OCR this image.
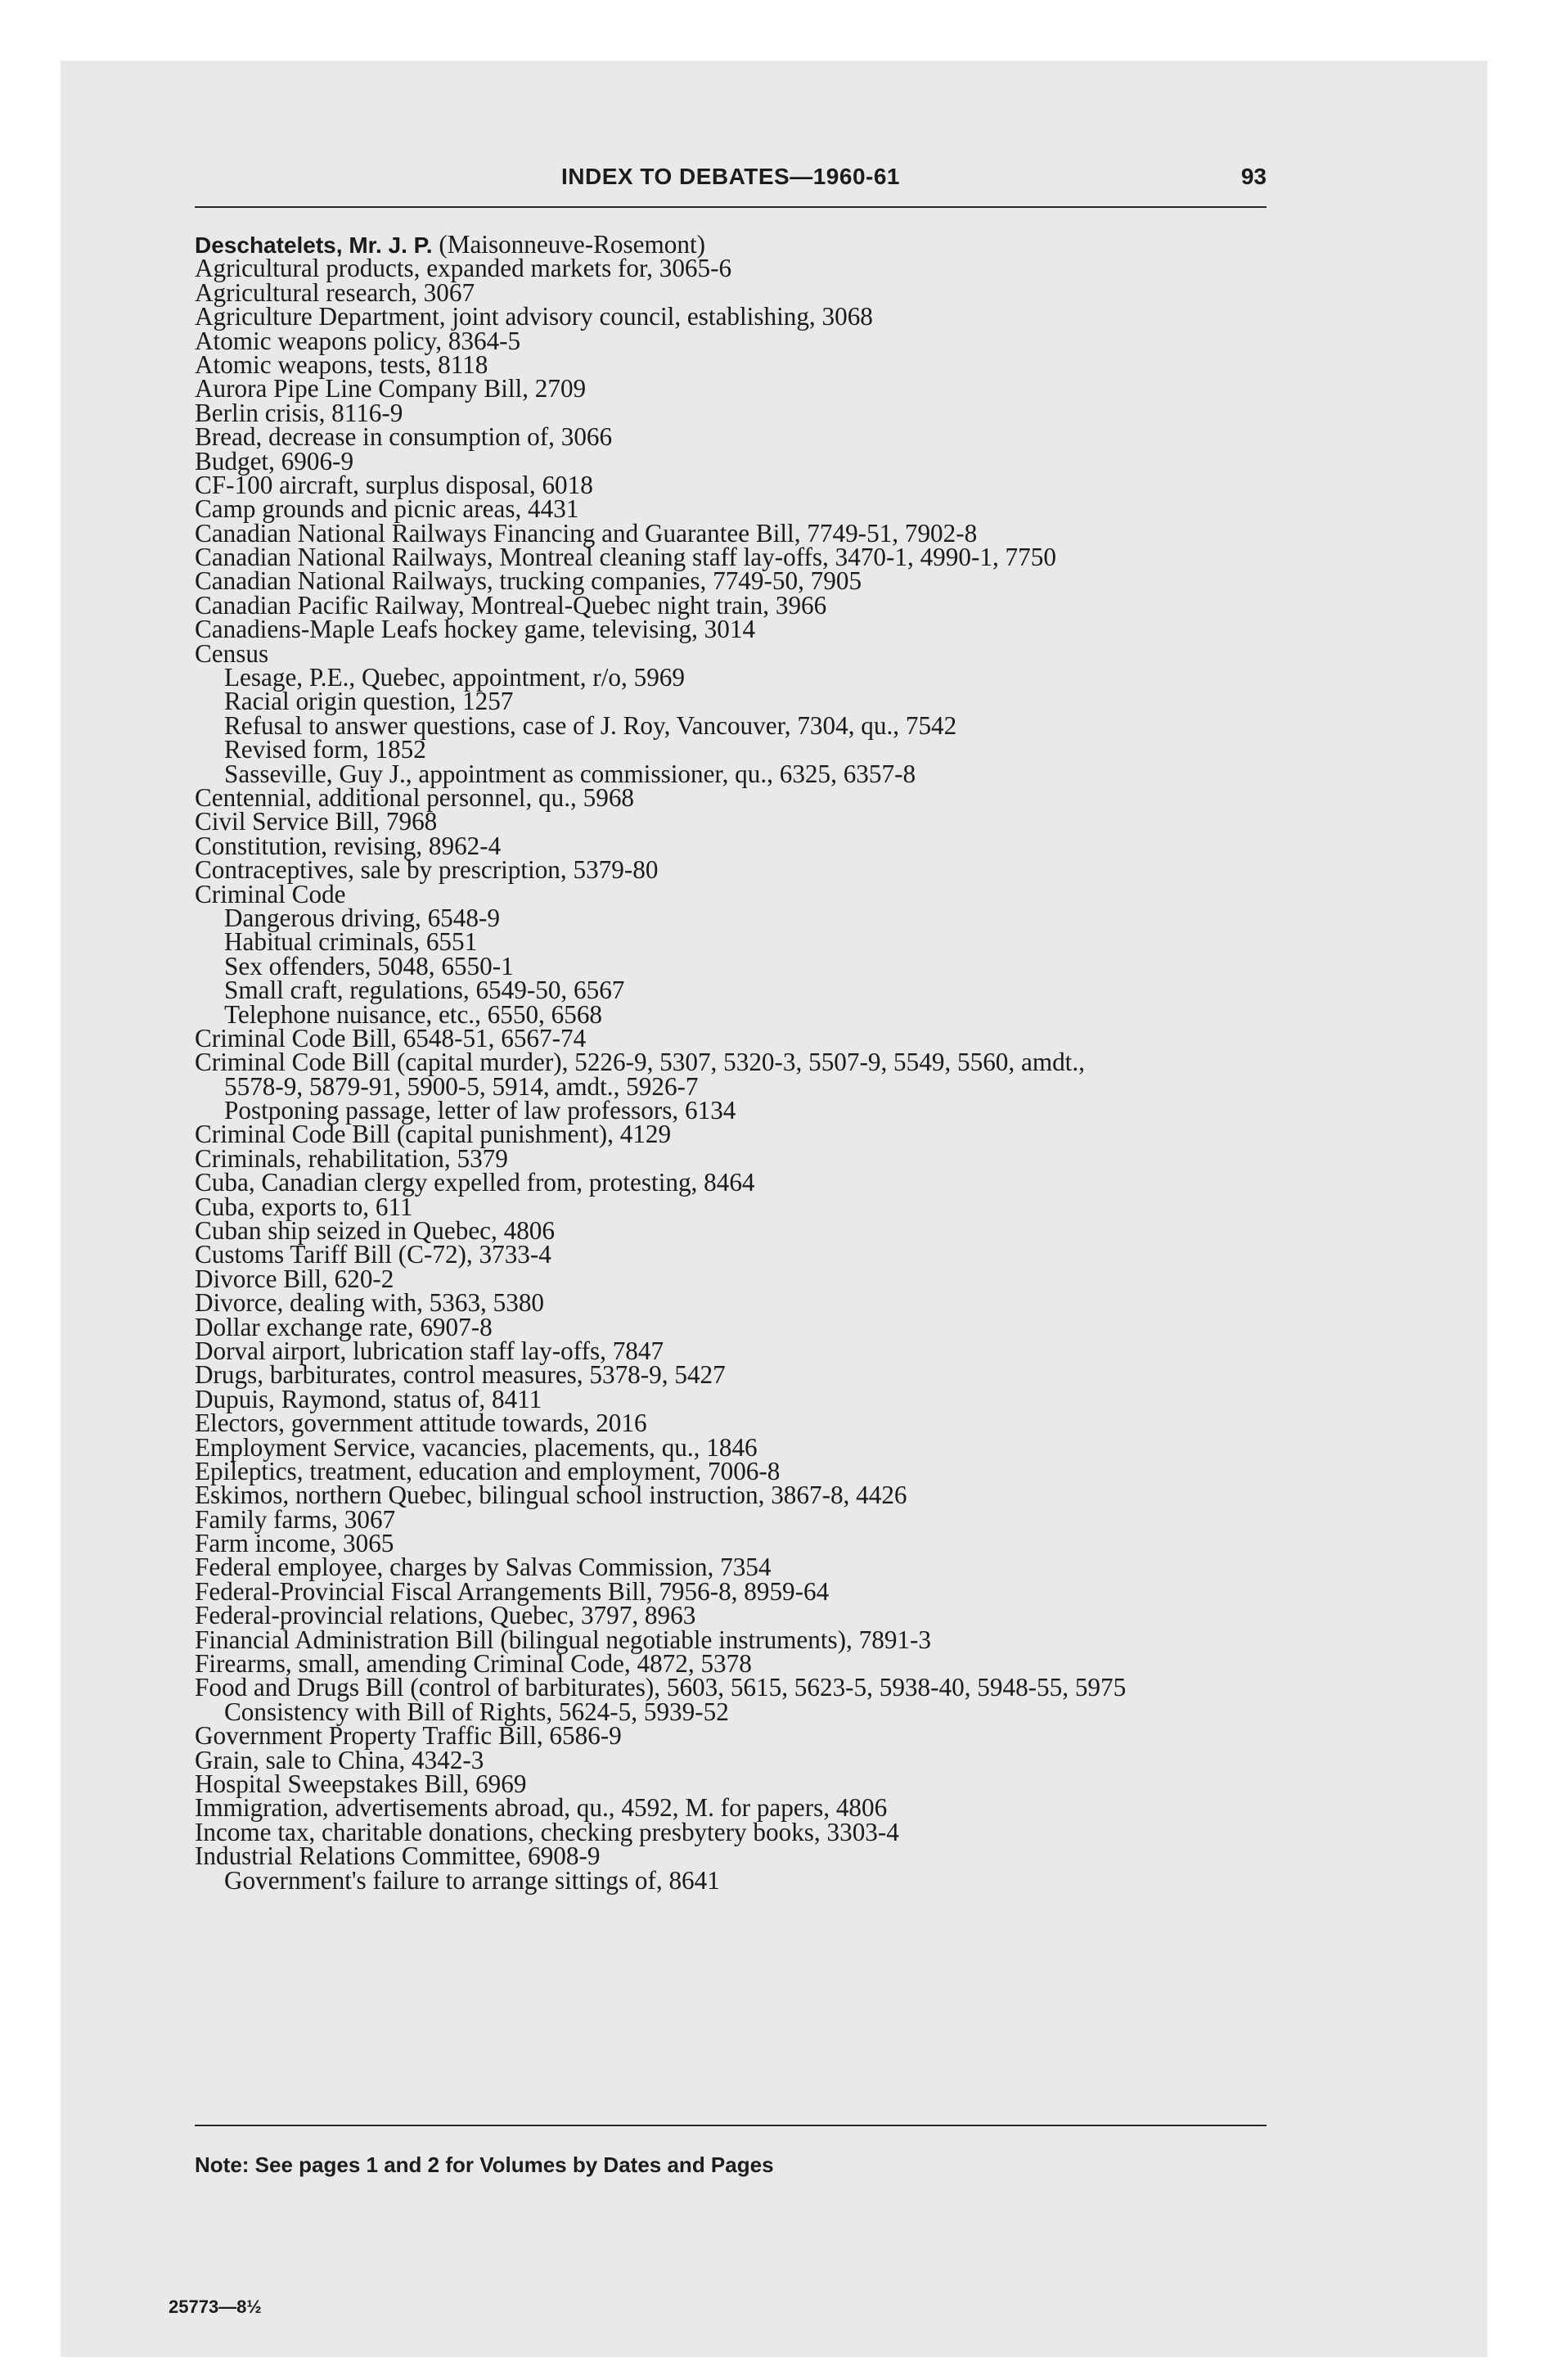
INDEX TO DEBATES—1960-61	93
Deschatelets, Mr. J. P. (Maisonneuve-Rosemont)
Agricultural products, expanded markets for, 3065-6
Agricultural research, 3067
Agriculture Department, joint advisory council, establishing, 3068
Atomic weapons policy, 8364-5
Atomic weapons, tests, 8118
Aurora Pipe Line Company Bill, 2709
Berlin crisis, 8116-9
Bread, decrease in consumption of, 3066
Budget, 6906-9
CF-100 aircraft, surplus disposal, 6018
Camp grounds and picnic areas, 4431
Canadian National Railways Financing and Guarantee Bill, 7749-51, 7902-8
Canadian National Railways, Montreal cleaning staff lay-offs, 3470-1, 4990-1, 7750
Canadian National Railways, trucking companies, 7749-50, 7905
Canadian Pacific Railway, Montreal-Quebec night train, 3966
Canadiens-Maple Leafs hockey game, televising, 3014
Census
Lesage, P.E., Quebec, appointment, r/o, 5969
Racial origin question, 1257
Refusal to answer questions, case of J. Roy, Vancouver, 7304, qu., 7542
Revised form, 1852
Sasseville, Guy J., appointment as commissioner, qu., 6325, 6357-8
Centennial, additional personnel, qu., 5968
Civil Service Bill, 7968
Constitution, revising, 8962-4
Contraceptives, sale by prescription, 5379-80
Criminal Code
Dangerous driving, 6548-9
Habitual criminals, 6551
Sex offenders, 5048, 6550-1
Small craft, regulations, 6549-50, 6567
Telephone nuisance, etc., 6550, 6568
Criminal Code Bill, 6548-51, 6567-74
Criminal Code Bill (capital murder), 5226-9, 5307, 5320-3, 5507-9, 5549, 5560, amdt.,
5578-9, 5879-91, 5900-5, 5914, amdt., 5926-7
Postponing passage, letter of law professors, 6134
Criminal Code Bill (capital punishment), 4129
Criminals, rehabilitation, 5379
Cuba, Canadian clergy expelled from, protesting, 8464
Cuba, exports to, 611
Cuban ship seized in Quebec, 4806
Customs Tariff Bill (C-72), 3733-4
Divorce Bill, 620-2
Divorce, dealing with, 5363, 5380
Dollar exchange rate, 6907-8
Dorval airport, lubrication staff lay-offs, 7847
Drugs, barbiturates, control measures, 5378-9, 5427
Dupuis, Raymond, status of, 8411
Electors, government attitude towards, 2016
Employment Service, vacancies, placements, qu., 1846
Epileptics, treatment, education and employment, 7006-8
Eskimos, northern Quebec, bilingual school instruction, 3867-8, 4426
Family farms, 3067
Farm income, 3065
Federal employee, charges by Salvas Commission, 7354
Federal-Provincial Fiscal Arrangements Bill, 7956-8, 8959-64
Federal-provincial relations, Quebec, 3797, 8963
Financial Administration Bill (bilingual negotiable instruments), 7891-3
Firearms, small, amending Criminal Code, 4872, 5378
Food and Drugs Bill (control of barbiturates), 5603, 5615, 5623-5, 5938-40, 5948-55, 5975
Consistency with Bill of Rights, 5624-5, 5939-52
Government Property Traffic Bill, 6586-9
Grain, sale to China, 4342-3
Hospital Sweepstakes Bill, 6969
Immigration, advertisements abroad, qu., 4592, M. for papers, 4806
Income tax, charitable donations, checking presbytery books, 3303-4
Industrial Relations Committee, 6908-9
Government's failure to arrange sittings of, 8641
Note: See pages 1 and 2 for Volumes by Dates and Pages
25773—8½
